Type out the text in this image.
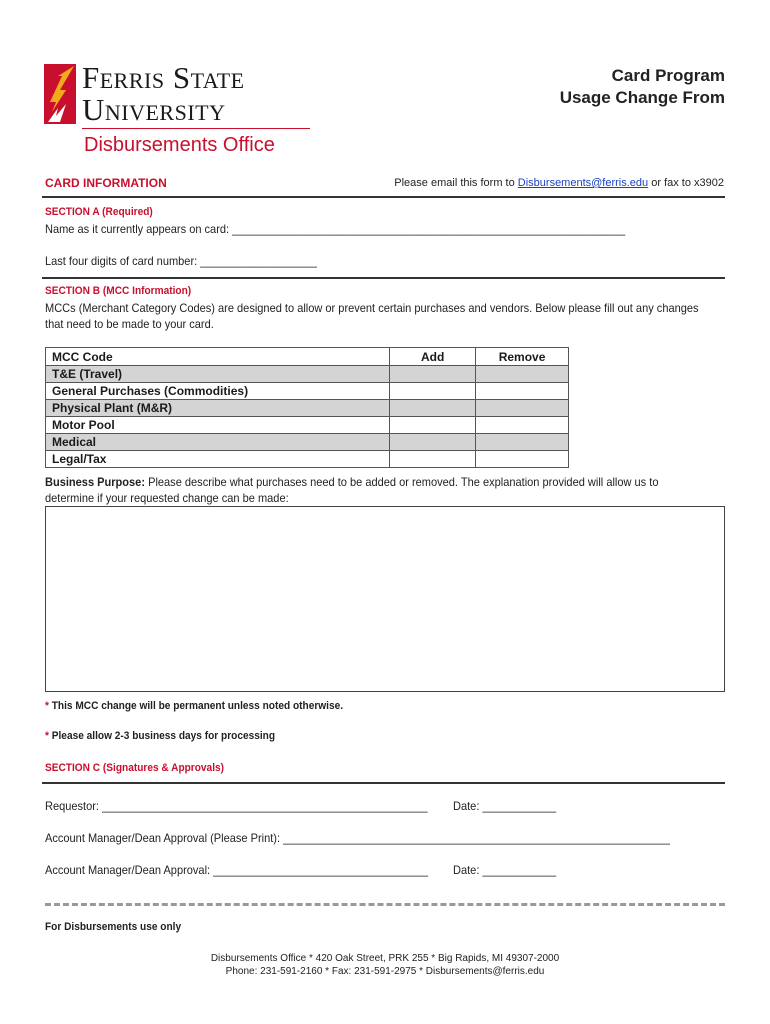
Ferris State
University
Disbursements Office
Card Program
Usage Change From
CARD INFORMATION	Please email this form to Disbursements@ferris.edu or fax to x3902
SECTION A (Required)
Name as it currently appears on card: ________________________________________________________________
Last four digits of card number: ___________________
SECTION B (MCC Information)
MCCs (Merchant Category Codes) are designed to allow or prevent certain purchases and vendors. Below please fill out any changes
that need to be made to your card.
MCC Code	Add	Remove
T&E (Travel)		
General Purchases (Commodities)		
Physical Plant (M&R)		
Motor Pool		
Medical		
Legal/Tax		
Business Purpose: Please describe what purchases need to be added or removed. The explanation provided will allow us to
determine if your requested change can be made:
* This MCC change will be permanent unless noted otherwise.
* Please allow 2-3 business days for processing
SECTION C (Signatures & Approvals)
Requestor: _____________________________________________________ Date: ____________
Account Manager/Dean Approval (Please Print): _______________________________________________________________
Account Manager/Dean Approval: ___________________________________ Date: ____________
For Disbursements use only
Disbursements Office * 420 Oak Street, PRK 255 * Big Rapids, MI 49307-2000
Phone: 231-591-2160 * Fax: 231-591-2975 * Disbursements@ferris.edu
